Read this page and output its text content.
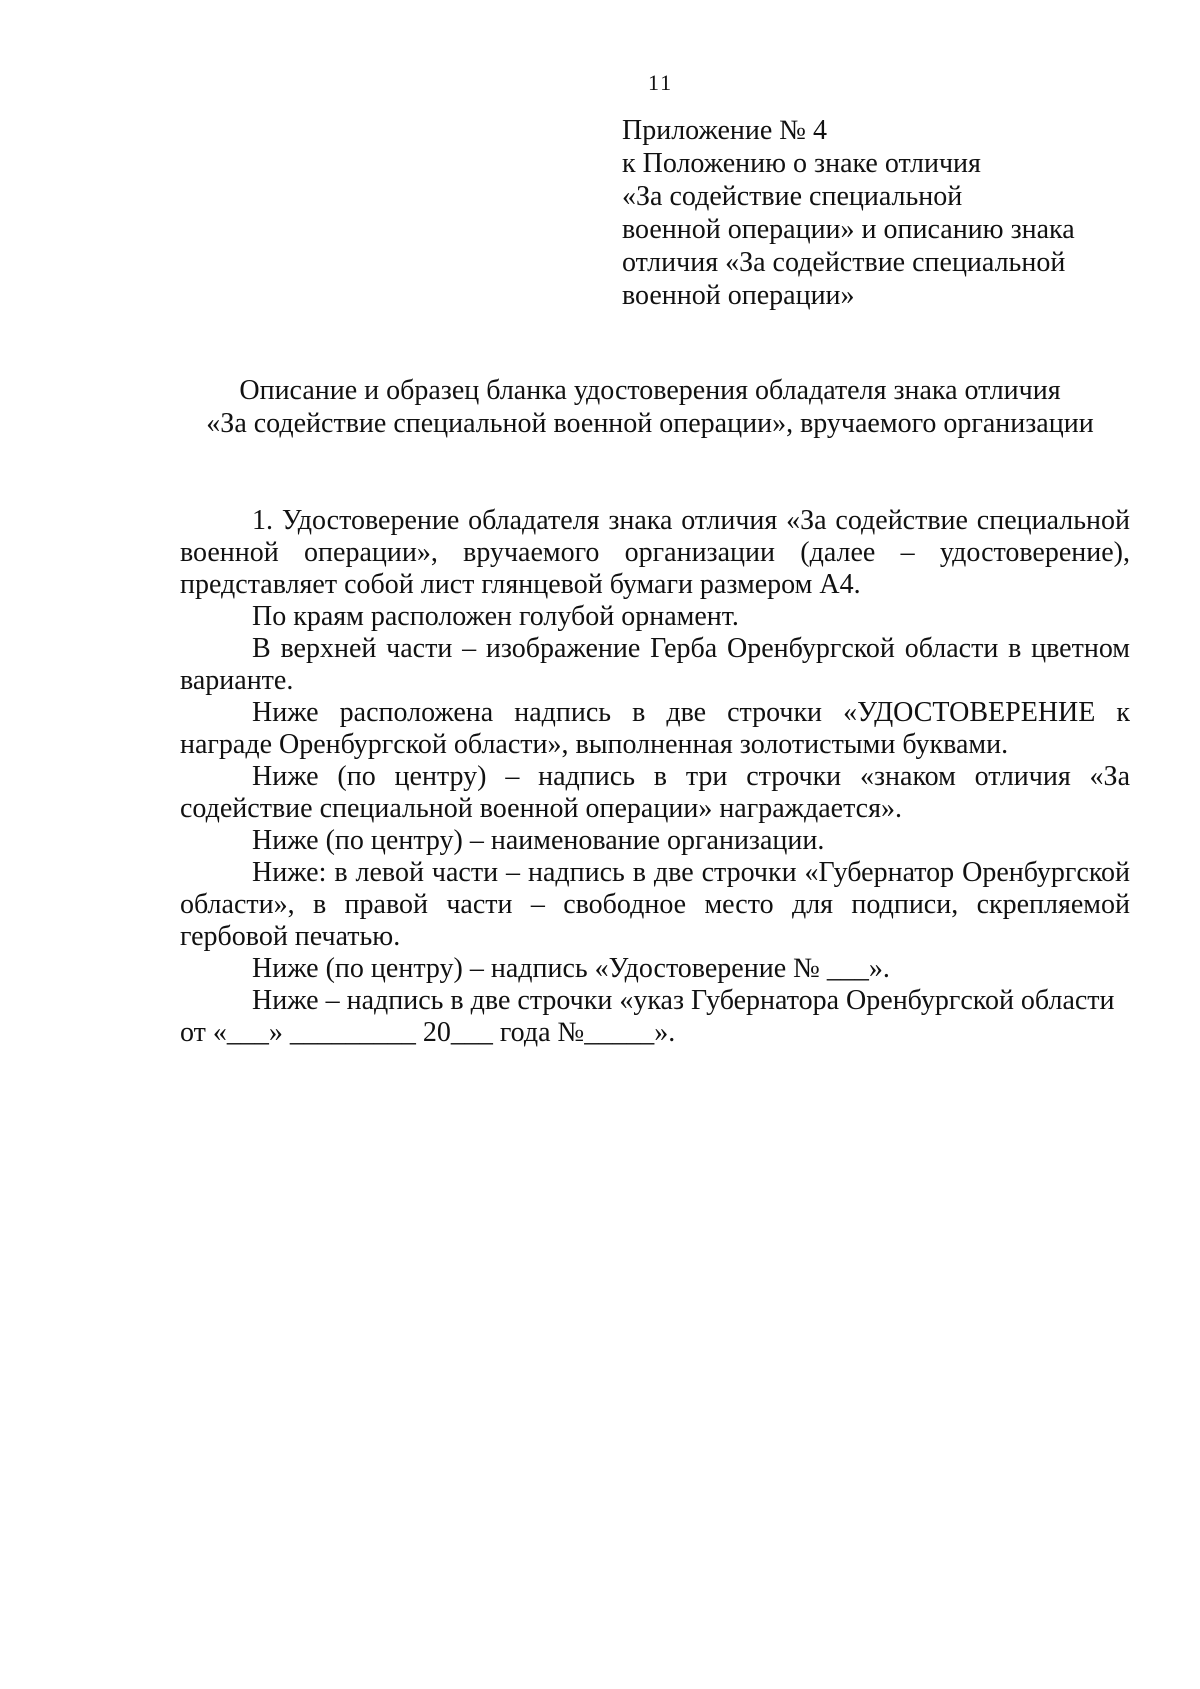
11
Приложение № 4
к Положению о знаке отличия
«За содействие специальной
военной операции» и описанию знака
отличия «За содействие специальной
военной операции»
Описание и образец бланка удостоверения обладателя знака отличия
«За содействие специальной военной операции», вручаемого организации

1. Удостоверение обладателя знака отличия «За содействие специальной военной операции», вручаемого организации (далее – удостоверение), представляет собой лист глянцевой бумаги размером А4.

По краям расположен голубой орнамент.

В верхней части – изображение Герба Оренбургской области в цветном варианте.

Ниже расположена надпись в две строчки «УДОСТОВЕРЕНИЕ к награде Оренбургской области», выполненная золотистыми буквами.

Ниже (по центру) – надпись в три строчки «знаком отличия «За содействие специальной военной операции» награждается».

Ниже (по центру) – наименование организации.

Ниже: в левой части – надпись в две строчки «Губернатор Оренбургской области», в правой части – свободное место для подписи, скрепляемой гербовой печатью.

Ниже (по центру) – надпись «Удостоверение № ___».

Ниже – надпись в две строчки «указ Губернатора Оренбургской области

от «___» _________ 20___ года №_____».
